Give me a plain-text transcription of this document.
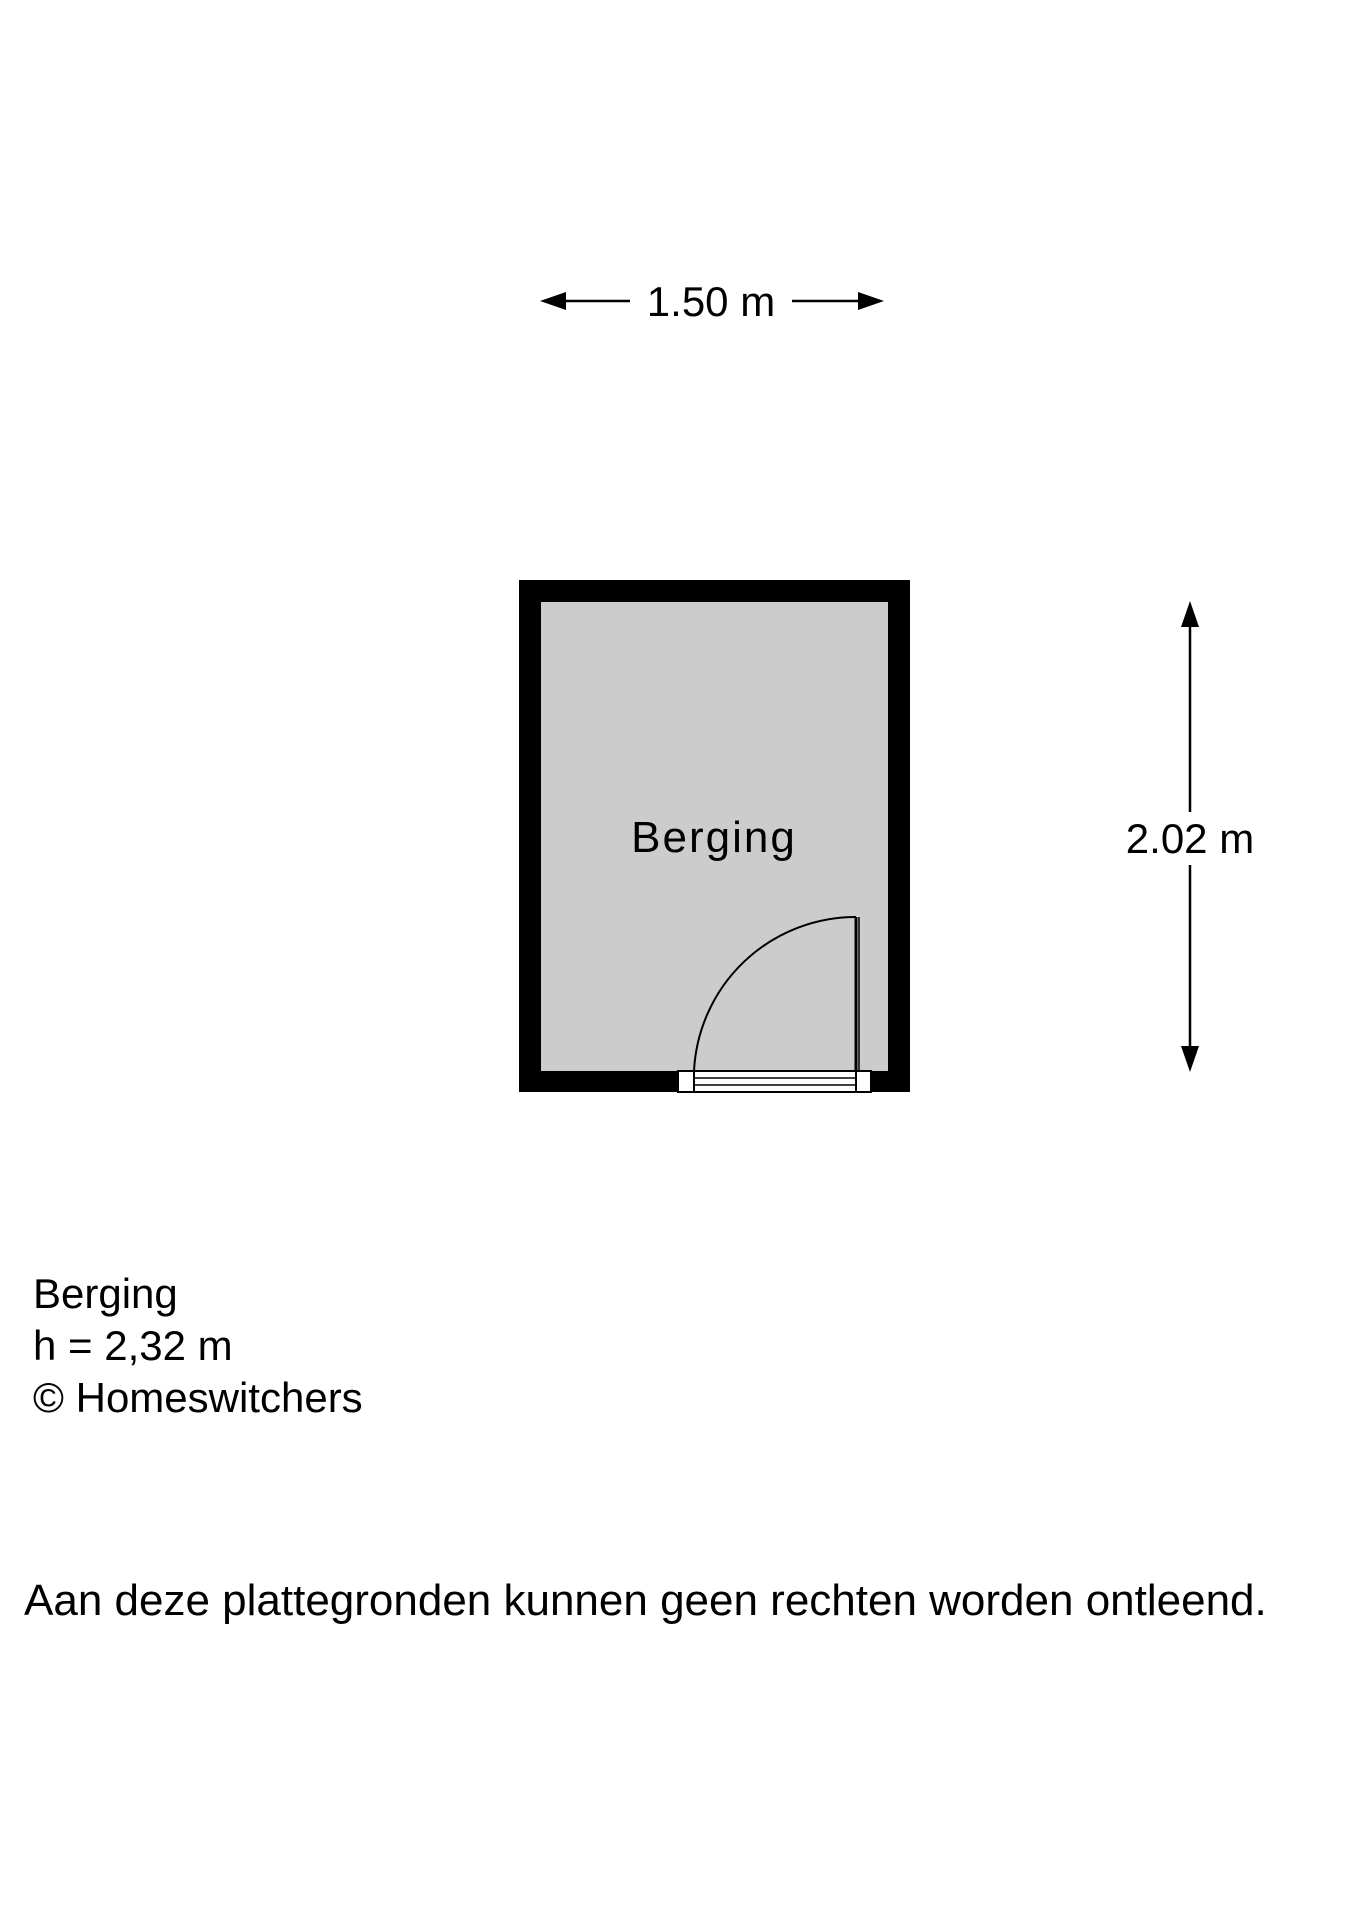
1.50 m
Berging	2.02 m
Berging
h = 2,32 m
© Homeswitchers
Aan deze plattegronden kunnen geen rechten worden ontleend.
